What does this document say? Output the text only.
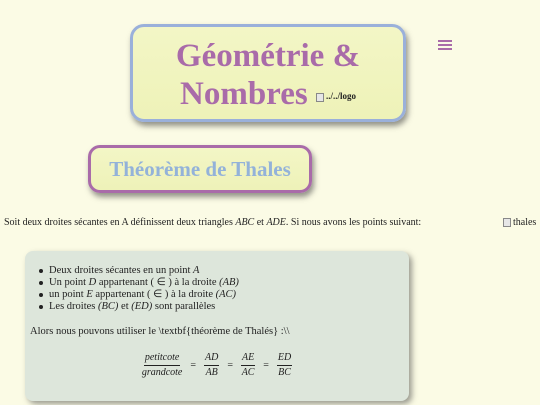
Géométrie &
Nombres ../../logo
Théorème de Thales

Soit deux droites sécantes en A définissent deux triangles ABC et ADE. Si nous avons les points suivant:	thales
Deux droites sécantes en un point A
Un point D appartenant ( ∈ ) à la droite (AB)
un point E appartenant ( ∈ ) à la droite (AC)
Les droites (BC) et (ED) sont parallèles

Alors nous pouvons utiliser le \textbf{théorème de Thalés} :\\

$\frac{\text{petitcote}}{\text{grandcote}} = \frac{AD}{AB} = \frac{AE}{AC} = \frac{ED}{BC}$
